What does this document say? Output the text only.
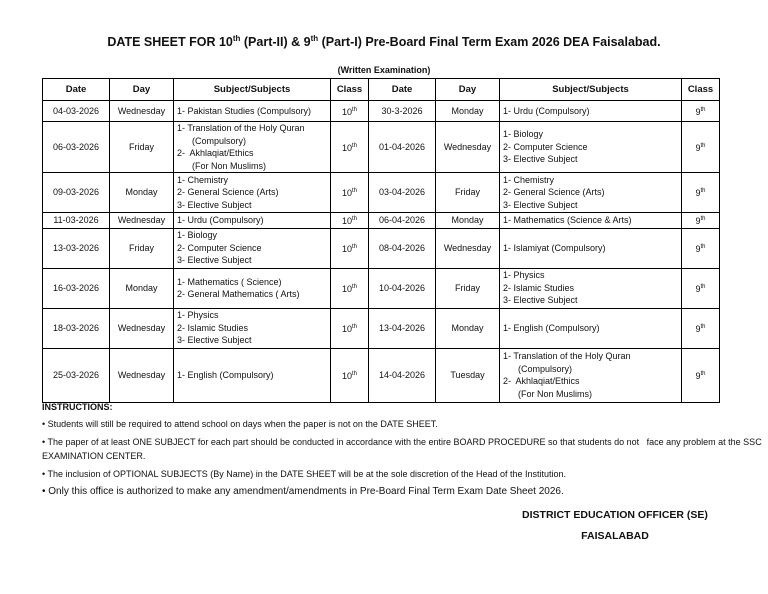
DATE SHEET FOR 10th (Part-II) & 9th (Part-I) Pre-Board Final Term Exam 2026 DEA Faisalabad.
(Written Examination)
Date	Day	Subject/Subjects	Class	Date	Day	Subject/Subjects	Class
04-03-2026	Wednesday	1- Pakistan Studies (Compulsory)	10th	30-3-2026	Monday	1- Urdu (Compulsory)	9th
06-03-2026	Friday	1- Translation of the Holy Quran
(Compulsory)
2-  Akhlaqiat/Ethics
(For Non Muslims)	10th	01-04-2026	Wednesday	1- Biology
2- Computer Science
3- Elective Subject	9th
09-03-2026	Monday	1- Chemistry
2- General Science (Arts)
3- Elective Subject	10th	03-04-2026	Friday	1- Chemistry
2- General Science (Arts)
3- Elective Subject	9th
11-03-2026	Wednesday	1- Urdu (Compulsory)	10th	06-04-2026	Monday	1- Mathematics (Science & Arts)	9th
13-03-2026	Friday	1- Biology
2- Computer Science
3- Elective Subject	10th	08-04-2026	Wednesday	1- Islamiyat (Compulsory)	9th
16-03-2026	Monday	1- Mathematics ( Science)
2- General Mathematics ( Arts)	10th	10-04-2026	Friday	1- Physics
2- Islamic Studies
3- Elective Subject	9th
18-03-2026	Wednesday	1- Physics
2- Islamic Studies
3- Elective Subject	10th	13-04-2026	Monday	1- English (Compulsory)	9th
25-03-2026	Wednesday	1- English (Compulsory)	10th	14-04-2026	Tuesday	1- Translation of the Holy Quran
(Compulsory)
2-  Akhlaqiat/Ethics
(For Non Muslims)	9th
INSTRUCTIONS:
• Students will still be required to attend school on days when the paper is not on the DATE SHEET.
• The paper of at least ONE SUBJECT for each part should be conducted in accordance with the entire BOARD PROCEDURE so that students do not   face any problem at the SSC EXAMINATION CENTER.
• The inclusion of OPTIONAL SUBJECTS (By Name) in the DATE SHEET will be at the sole discretion of the Head of the Institution.
• Only this office is authorized to make any amendment/amendments in Pre-Board Final Term Exam Date Sheet 2026.
DISTRICT EDUCATION OFFICER (SE)
FAISALABAD
